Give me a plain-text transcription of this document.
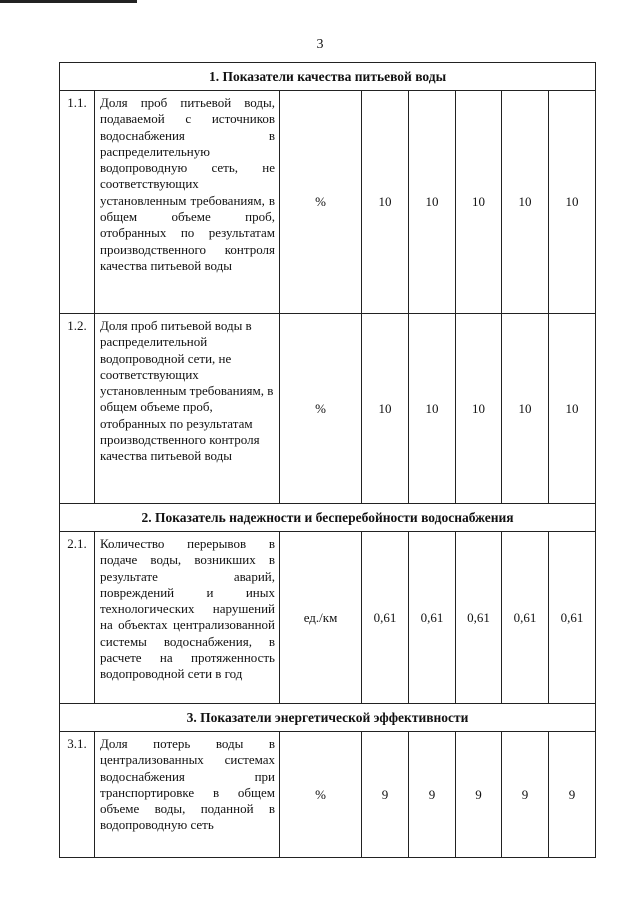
3
1. Показатели качества питьевой воды							
1.1.	Доля проб питьевой воды, подаваемой с источников водоснабжения в распределительную водопроводную сеть, не соответствующих установленным требованиям, в общем объеме проб, отобранных по результатам производственного контроля качества питьевой воды	%	10	10	10	10	10
1.2.	Доля проб питьевой воды в распределительной водопроводной сети, не соответствующих установленным требованиям, в общем объеме проб, отобранных по результатам производственного контроля качества питьевой воды	%	10	10	10	10	10
2. Показатель надежности и бесперебойности водоснабжения							
2.1.	Количество перерывов в подаче воды, возникших в результате аварий, повреждений и иных технологических нарушений на объектах централизованной системы водоснабжения, в расчете на протяженность водопроводной сети в год	ед./км	0,61	0,61	0,61	0,61	0,61
3. Показатели энергетической эффективности							
3.1.	Доля потерь воды в централизованных системах водоснабжения при транспортировке в общем объеме воды, поданной в водопроводную сеть	%	9	9	9	9	9
